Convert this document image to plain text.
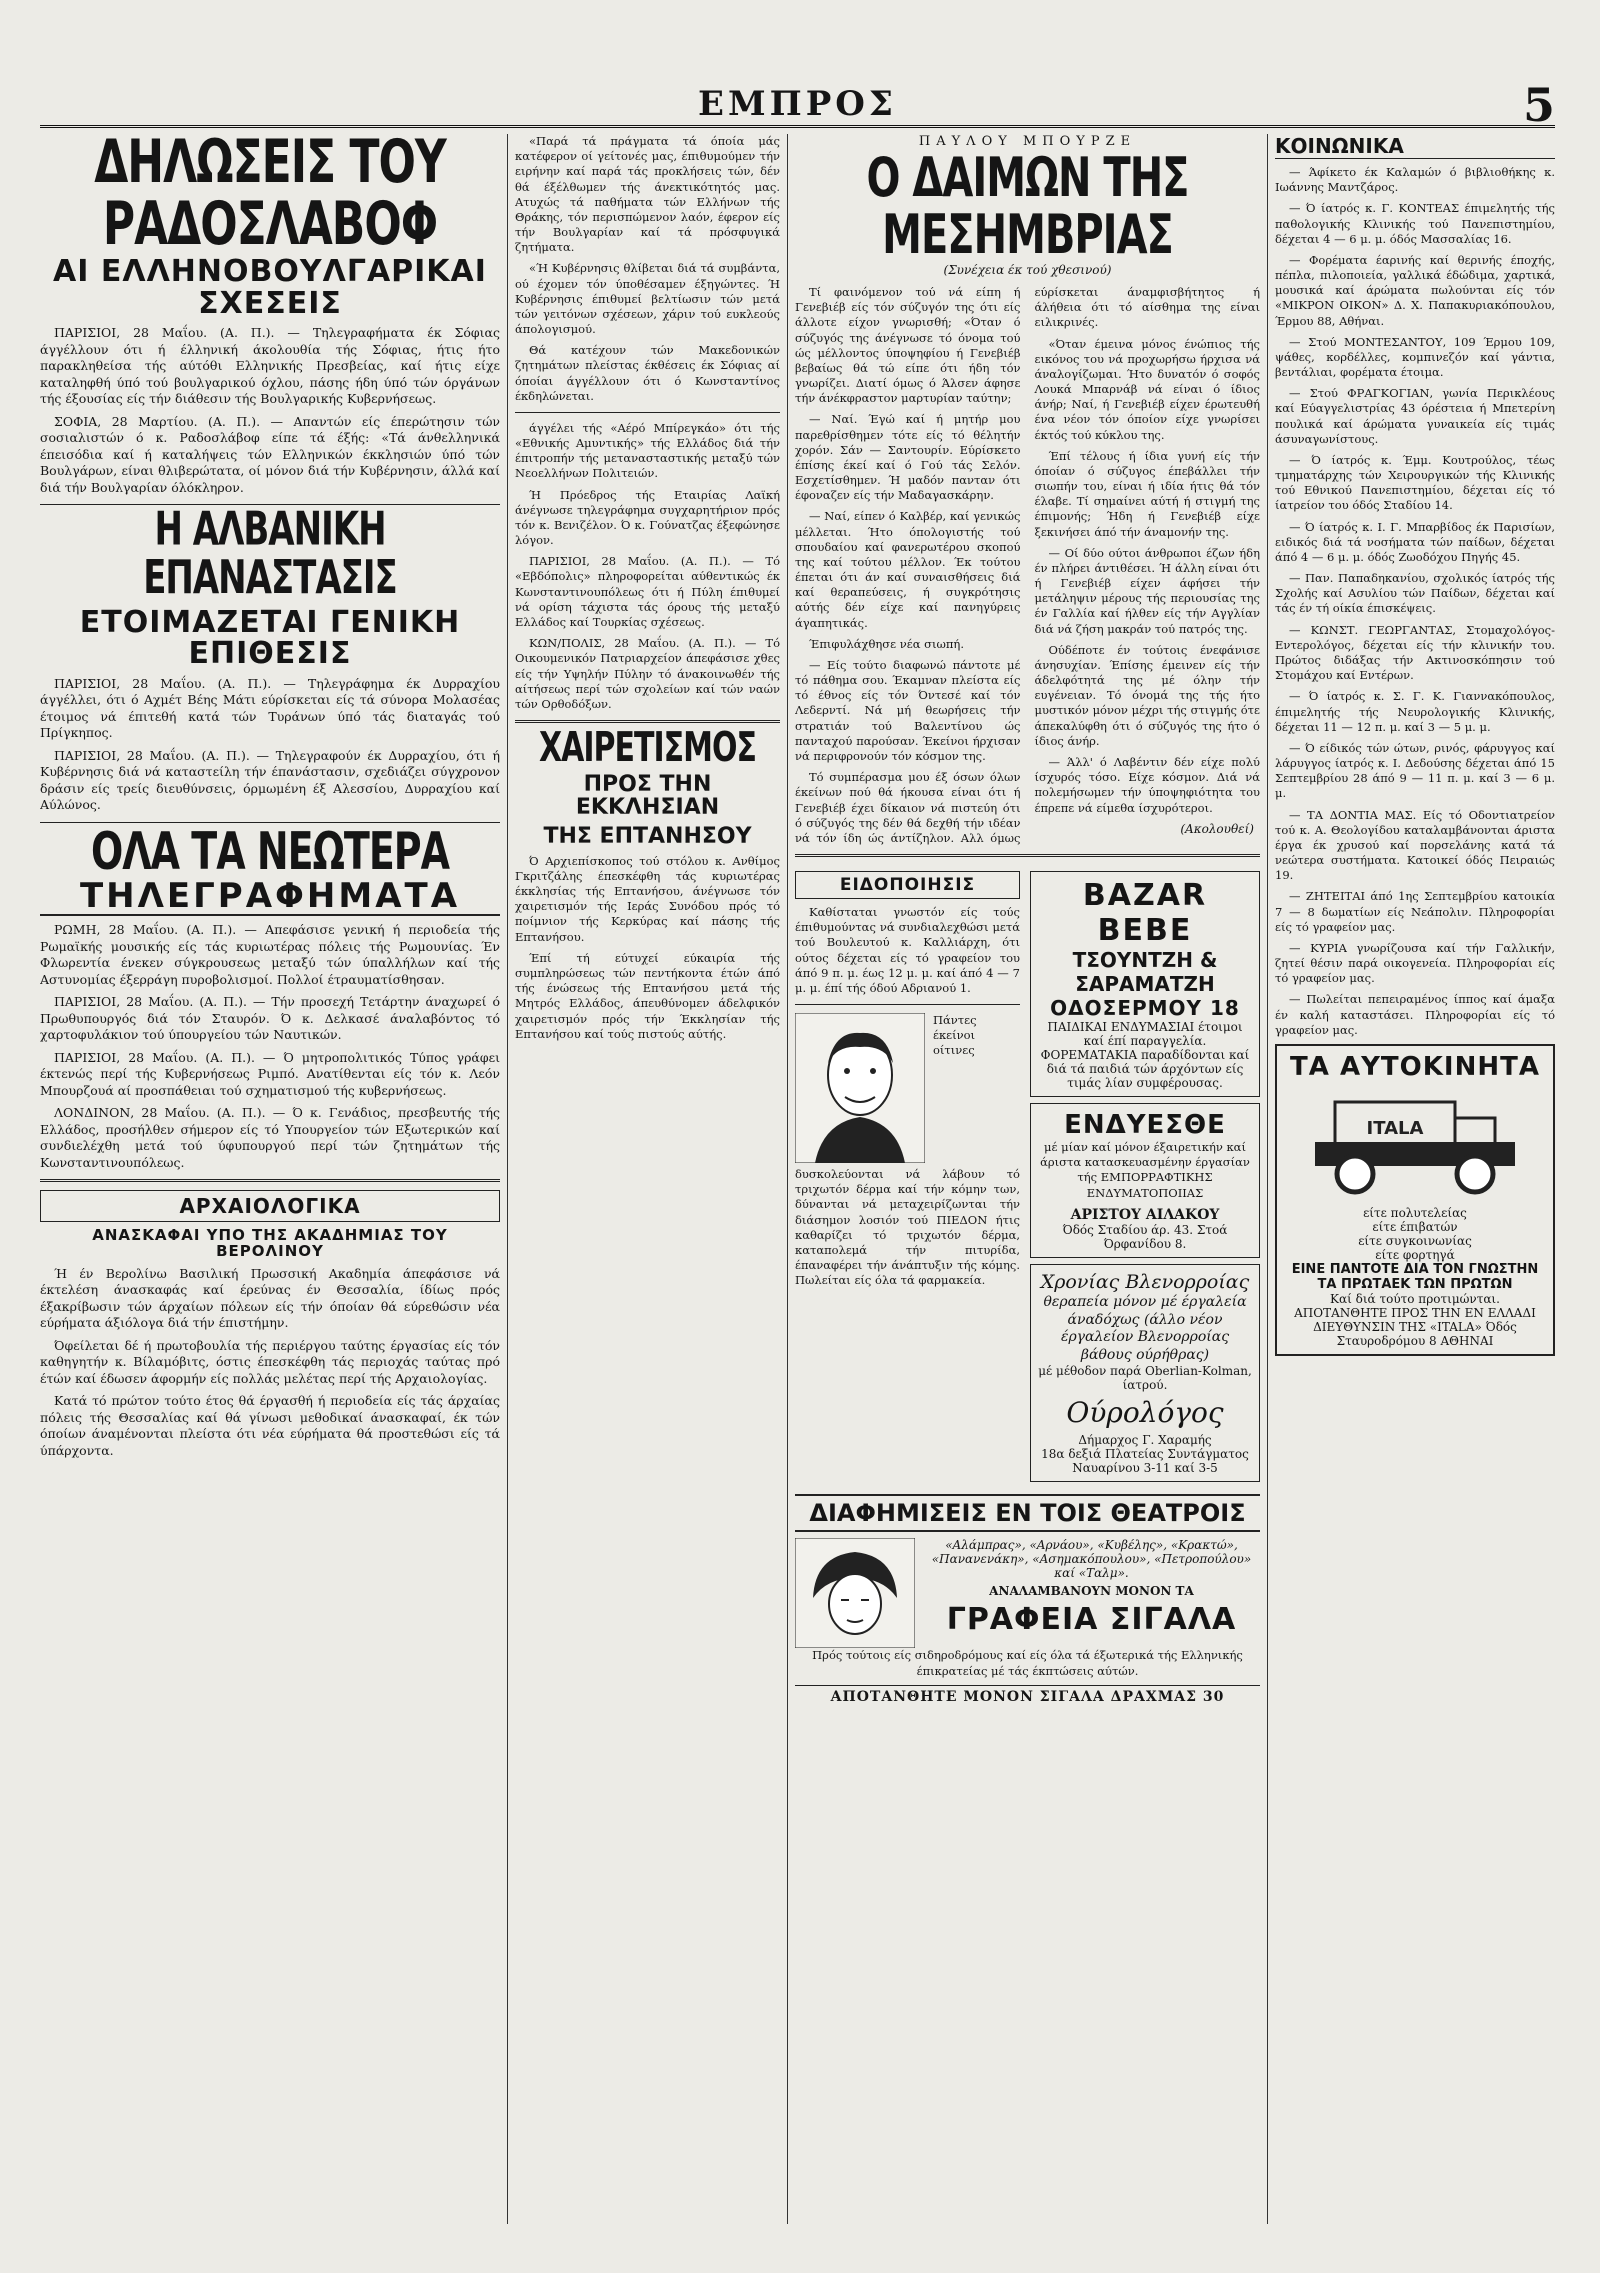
ΕΜΠΡΟΣ	5
ΔΗΛΩΣΕΙΣ ΤΟΥ ΡΑΔΟΣΛΑΒΟΦ
ΑΙ ΕΛΛΗΝΟΒΟΥΛΓΑΡΙΚΑΙ ΣΧΕΣΕΙΣ

ΠΑΡΙΣΙΟΙ, 28 Μαΐου. (Α. Π.). — Τηλεγραφήματα έκ Σόφιας άγγέλλουν ότι ή έλληνική άκολουθία τής Σόφιας, ήτις ήτο παρακληθείσα τής αύτόθι Ελληνικής Πρεσβείας, καί ήτις είχε καταληφθή ύπό τού βουλγαρικού όχλου, πάσης ήδη ύπό τών όργάνων τής έξουσίας είς τήν διάθεσιν τής Βουλγαρικής Κυβερνήσεως.

ΣΟΦΙΑ, 28 Μαρτίου. (Α. Π.). — Απαντών είς έπερώτησιν τών σοσιαλιστών ό κ. Ραδοσλάβοφ είπε τά έξής: «Τά άνθελληνικά έπεισόδια καί ή καταλήψεις τών Ελληνικών έκκλησιών ύπό τών Βουλγάρων, είναι θλιβερώτατα, οί μόνον διά τήν Κυβέρνησιν, άλλά καί διά τήν Βουλγαρίαν όλόκληρον.

Η ΑΛΒΑΝΙΚΗ ΕΠΑΝΑΣΤΑΣΙΣ
ΕΤΟΙΜΑΖΕΤΑΙ ΓΕΝΙΚΗ ΕΠΙΘΕΣΙΣ

ΠΑΡΙΣΙΟΙ, 28 Μαΐου. (Α. Π.). — Τηλεγράφημα έκ Δυρραχίου άγγέλλει, ότι ό Αχμέτ Βέης Μάτι εύρίσκεται είς τά σύνορα Μολασέας έτοιμος νά έπιτεθή κατά τών Τυράνων ύπό τάς διαταγάς τού Πρίγκηπος.

ΠΑΡΙΣΙΟΙ, 28 Μαΐου. (Α. Π.). — Τηλεγραφούν έκ Δυρραχίου, ότι ή Κυβέρνησις διά νά καταστείλη τήν έπανάστασιν, σχεδιάζει σύγχρονον δράσιν είς τρείς διευθύνσεις, όρμωμένη έξ Αλεσσίου, Δυρραχίου καί Αύλώνος.

ΟΛΑ ΤΑ ΝΕΩΤΕΡΑ
ΤΗΛΕΓΡΑΦΗΜΑΤΑ

ΡΩΜΗ, 28 Μαΐου. (Α. Π.). — Απεφάσισε γενική ή περιοδεία τής Ρωμαϊκής μουσικής είς τάς κυριωτέρας πόλεις τής Ρωμουνίας. Έν Φλωρεντία ένεκεν σύγκρουσεως μεταξύ τών ύπαλλήλων καί τής Αστυνομίας έξερράγη πυροβολισμοί. Πολλοί έτραυματίσθησαν.

ΠΑΡΙΣΙΟΙ, 28 Μαΐου. (Α. Π.). — Τήν προσεχή Τετάρτην άναχωρεί ό Πρωθυπουργός διά τόν Σταυρόν. Ό κ. Δελκασέ άναλαβόντος τό χαρτοφυλάκιον τού ύπουργείου τών Ναυτικών.

ΠΑΡΙΣΙΟΙ, 28 Μαΐου. (Α. Π.). — Ό μητροπολιτικός Τύπος γράφει έκτενώς περί τής Κυβερνήσεως Ριμπό. Ανατίθενται είς τόν κ. Λεόν Μπουρζουά αί προσπάθειαι τού σχηματισμού τής κυβερνήσεως.

ΛΟΝΔΙΝΟΝ, 28 Μαΐου. (Α. Π.). — Ό κ. Γενάδιος, πρεσβευτής τής Ελλάδος, προσήλθεν σήμερον είς τό Υπουργείον τών Εξωτερικών καί συνδιελέχθη μετά τού ύφυπουργού περί τών ζητημάτων τής Κωνσταντινουπόλεως.

ΑΡΧΑΙΟΛΟΓΙΚΑ
ΑΝΑΣΚΑΦΑΙ ΥΠΟ ΤΗΣ ΑΚΑΔΗΜΙΑΣ ΤΟΥ ΒΕΡΟΛΙΝΟΥ

Ή έν Βερολίνω Βασιλική Πρωσσική Ακαδημία άπεφάσισε νά έκτελέση άνασκαφάς καί έρεύνας έν Θεσσαλία, ίδίως πρός έξακρίβωσιν τών άρχαίων πόλεων είς τήν όποίαν θά εύρεθώσιν νέα εύρήματα άξιόλογα διά τήν έπιστήμην.

Όφείλεται δέ ή πρωτοβουλία τής περιέργου ταύτης έργασίας είς τόν καθηγητήν κ. Βίλαμόβιτς, όστις έπεσκέφθη τάς περιοχάς ταύτας πρό έτών καί έδωσεν άφορμήν είς πολλάς μελέτας περί τής Αρχαιολογίας.

Κατά τό πρώτον τούτο έτος θά έργασθή ή περιοδεία είς τάς άρχαίας πόλεις τής Θεσσαλίας καί θά γίνωσι μεθοδικαί άνασκαφαί, έκ τών όποίων άναμένονται πλείστα ότι νέα εύρήματα θά προστεθώσι είς τά ύπάρχοντα.

«Παρά τά πράγματα τά όποία μάς κατέφερον οί γείτονές μας, έπιθυμούμεν τήν ειρήνην καί παρά τάς προκλήσεις τών, δέν θά έξέλθωμεν τής άνεκτικότητός μας. Ατυχώς τά παθήματα τών Ελλήνων τής Θράκης, τόν περισπώμενον λαόν, έφερον είς τήν Βουλγαρίαν καί τά πρόσφυγικά ζητήματα.

«Ή Κυβέρνησις θλίβεται διά τά συμβάντα, ού έχομεν τόν ύποθέσαμεν έξηγώντες. Ή Κυβέρνησις έπιθυμεί βελτίωσιν τών μετά τών γειτόνων σχέσεων, χάριν τού ευκλεούς άπολογισμού.

Θά κατέχουν τών Μακεδονικών ζητημάτων πλείστας έκθέσεις έκ Σόφιας αί όποίαι άγγέλλουν ότι ό Κωνσταντίνος έκδηλώνεται.

άγγέλει τής «Αέρό Μπίρεγκάο» ότι τής «Εθνικής Αμυντικής» τής Ελλάδος διά τήν έπιτροπήν τής μετανασταστικής μεταξύ τών Νεοελλήνων Πολιτειών.

Ή Πρόεδρος τής Εταιρίας Λαϊκή άνέγνωσε τηλεγράφημα συγχαρητήριον πρός τόν κ. Βενιζέλον. Ό κ. Γούνατζας έξεφώνησε λόγον.

ΠΑΡΙΣΙΟΙ, 28 Μαΐου. (Α. Π.). — Τό «Εβδόπολις» πληροφορείται αύθεντικώς έκ Κωνσταντινουπόλεως ότι ή Πύλη έπιθυμεί νά ορίση τάχιστα τάς όρους τής μεταξύ Ελλάδος καί Τουρκίας σχέσεως.

ΚΩΝ/ΠΟΛΙΣ, 28 Μαΐου. (Α. Π.). — Τό Οικουμενικόν Πατριαρχείον άπεφάσισε χθες είς τήν Υψηλήν Πύλην τό άνακοινωθέν τής αίτήσεως περί τών σχολείων καί τών ναών τών Ορθοδόξων.

ΧΑΙΡΕΤΙΣΜΟΣ
ΠΡΟΣ ΤΗΝ ΕΚΚΛΗΣΙΑΝ
ΤΗΣ ΕΠΤΑΝΗΣΟΥ

Ό Αρχιεπίσκοπος τού στόλου κ. Ανθίμος Γκριτζάλης έπεσκέφθη τάς κυριωτέρας έκκλησίας τής Επτανήσου, άνέγνωσε τόν χαιρετισμόν τής Ιεράς Συνόδου πρός τό ποίμνιον τής Κερκύρας καί πάσης τής Επτανήσου.

Έπί τή εύτυχεί εύκαιρία τής συμπληρώσεως τών πεντήκοντα έτών άπό τής ένώσεως τής Επτανήσου μετά τής Μητρός Ελλάδος, άπευθύνομεν άδελφικόν χαιρετισμόν πρός τήν Έκκλησίαν τής Επτανήσου καί τούς πιστούς αύτής.

ΠΑΥΛΟΥ ΜΠΟΥΡΖΕ
Ο ΔΑΙΜΩΝ ΤΗΣ ΜΕΣΗΜΒΡΙΑΣ
(Συνέχεια έκ τού χθεσινού)

Τί φαινόμενον τού νά είπη ή Γενεβιέβ είς τόν σύζυγόν της ότι είς άλλοτε είχον γνωρισθή; «Όταν ό σύζυγός της άνέγνωσε τό όνομα τού ώς μέλλοντος ύποψηφίου ή Γενεβιέβ βεβαίως θά τώ είπε ότι ήδη τόν γνωρίζει. Διατί όμως ό Άλσεν άφησε τήν άνέκφραστον μαρτυρίαν ταύτην;

— Ναί. Έγώ καί ή μητήρ μου παρεθρίσθημεν τότε είς τό θέλητήν χορόν. Σάν — Σαντουρίν. Εύρίσκετο έπίσης έκεί καί ό Γού τάς Σελόν. Εσχετίσθημεν. Ή μαδόν πανταν ότι έφοναζεν είς τήν Μαδαγασκάρην.

— Ναί, είπεν ό Καλβέρ, καί γενικώς μέλλεται. Ήτο όπολογιστής τού σπουδαίου καί φανερωτέρου σκοπού της καί τούτου μέλλον. Έκ τούτου έπεται ότι άν καί συναισθήσεις διά καί θεραπεύσεις, ή συγκρότησις αύτής δέν είχε καί πανηγύρεις άγαπητικάς.

Έπιφυλάχθησε νέα σιωπή.

— Είς τούτο διαφωνώ πάντοτε μέ τό πάθημα σου. Έκαμναν πλείστα είς τό έθνος είς τόν Όντεσέ καί τόν Λεδερντί. Νά μή θεωρήσεις τήν στρατιάν τού Βαλεντίνου ώς πανταχού παρούσαν. Έκείνοι ήρχισαν νά περιφρονούν τόν κόσμον της.

Τό συμπέρασμα μου έξ όσων όλων έκείνων πού θά ήκουσα είναι ότι ή Γενεβιέβ έχει δίκαιον νά πιστεύη ότι ό σύζυγός της δέν θά δεχθή τήν ιδέαν νά τόν ίδη ώς άντίζηλον. Αλλ όμως εύρίσκεται άναμφισβήτητος ή άλήθεια ότι τό αίσθημα της είναι ειλικρινές.

«Όταν έμεινα μόνος ένώπιος τής εικόνος του νά προχωρήσω ήρχισα νά άναλογίζωμαι. Ήτο δυνατόν ό σοφός Λουκά Μπαρνάβ νά είναι ό ίδιος άνήρ; Ναί, ή Γενεβιέβ είχεν έρωτευθή ένα νέον τόν όποίον είχε γνωρίσει έκτός τού κύκλου της.

Έπί τέλους ή ίδια γυνή είς τήν όποίαν ό σύζυγος έπεβάλλει τήν σιωπήν του, είναι ή ιδία ήτις θά τόν έλαβε. Τί σημαίνει αύτή ή στιγμή της έπιμονής; Ήδη ή Γενεβιέβ είχε ξεκινήσει άπό τήν άναμονήν της.

— Οί δύο ούτοι άνθρωποι έζων ήδη έν πλήρει άντιθέσει. Ή άλλη είναι ότι ή Γενεβιέβ είχεν άφήσει τήν μετάληψιν μέρους τής περιουσίας της έν Γαλλία καί ήλθεν είς τήν Αγγλίαν διά νά ζήση μακράν τού πατρός της.

Ούδέποτε έν τούτοις ένεφάνισε άνησυχίαν. Έπίσης έμεινεν είς τήν άδελφότητά της μέ όλην τήν ευγένειαν. Τό όνομά της τής ήτο μυστικόν μόνον μέχρι τής στιγμής ότε άπεκαλύφθη ότι ό σύζυγός της ήτο ό ίδιος άνήρ.

— Άλλ' ό Λαβέντιν δέν είχε πολύ ίσχυρός τόσο. Είχε κόσμον. Διά νά πολεμήσωμεν τήν ύποψηφιότητα του έπρεπε νά είμεθα ίσχυρότεροι.

(Ακολουθεί)
ΕΙΔΟΠΟΙΗΣΙΣ

Καθίσταται γνωστόν είς τούς έπιθυμούντας νά συνδιαλεχθώσι μετά τού Βουλευτού κ. Καλλιάρχη, ότι ούτος δέχεται είς τό γραφείον του άπό 9 π. μ. έως 12 μ. μ. καί άπό 4 — 7 μ. μ. έπί τής όδού Αδριανού 1.

Πάντες έκείνοι οίτινες δυσκολεύονται νά λάβουν τό τριχωτόν δέρμα καί τήν κόμην των, δύνανται νά μεταχειρίζωνται τήν διάσημον λοσιόν τού ΠΙΕΔΟΝ ήτις καθαρίζει τό τριχωτόν δέρμα, καταπολεμά τήν πιτυρίδα, έπαναφέρει τήν άνάπτυξιν τής κόμης. Πωλείται είς όλα τά φαρμακεία.

BAZAR BEBE
ΤΣΟΥΝΤΖΗ & ΣΑΡΑΜΑΤΖΗ
ΟΔΟΣΕΡΜΟΥ 18
ΠΑΙΔΙΚΑΙ ΕΝΔΥΜΑΣΙΑΙ έτοιμοι καί έπί παραγγελία. ΦΟΡΕΜΑΤΑΚΙΑ παραδίδονται καί διά τά παιδιά τών άρχόντων είς τιμάς λίαν συμφέρουσας.
ΕΝΔΥΕΣΘΕ
μέ μίαν καί μόνον έξαιρετικήν καί άριστα κατασκευασμένην έργασίαν τής ΕΜΠΟΡΡΑΦΤΙΚΗΣ ΕΝΔΥΜΑΤΟΠΟΙΙΑΣ
ΑΡΙΣΤΟΥ ΑΙΛΑΚΟΥ
Όδός Σταδίου άρ. 43. Στοά Όρφανίδου 8.
Χρονίας Βλενορροίας
θεραπεία μόνον μέ έργαλεία άναδόχως (άλλο νέον έργαλείον Βλενορροίας βάθους ούρήθρας)
μέ μέθοδον παρά Oberlian-Kolman, ίατρού.
Ούρολόγος
Δήμαρχος Γ. Χαραμής
18α δεξιά Πλατείας Συντάγματος Ναυαρίνου 3-11 καί 3-5
ΔΙΑΦΗΜΙΣΕΙΣ ΕΝ ΤΟΙΣ ΘΕΑΤΡΟΙΣ
«Αλάμπρας», «Αρνάου», «Κυβέλης», «Κρακτώ», «Πανανενάκη», «Ασημακόπουλου», «Πετροπούλου» καί «Ταλμ».
ΑΝΑΛΑΜΒΑΝΟΥΝ ΜΟΝΟΝ ΤΑ
ΓΡΑΦΕΙΑ ΣΙΓΑΛΑ

Πρός τούτοις είς σιδηροδρόμους καί είς όλα τά έξωτερικά τής Ελληνικής έπικρατείας μέ τάς έκπτώσεις αύτών.

ΑΠΟΤΑΝΘΗΤΕ ΜΟΝΟΝ ΣΙΓΑΛΑ ΔΡΑΧΜΑΣ 30
ΚΟΙΝΩΝΙΚΑ

— Άφίκετο έκ Καλαμών ό βιβλιοθήκης κ. Ιωάννης Μαντζάρος.

— Ό ίατρός κ. Γ. ΚΟΝΤΕΑΣ έπιμελητής τής παθολογικής Κλινικής τού Πανεπιστημίου, δέχεται 4 — 6 μ. μ. όδός Μασσαλίας 16.

— Φορέματα έαρινής καί θερινής έποχής, πέπλα, πιλοποιεία, γαλλικά έδώδιμα, χαρτικά, μουσικά καί άρώματα πωλούνται είς τόν «ΜΙΚΡΟΝ ΟΙΚΟΝ» Δ. Χ. Παπακυριακόπουλου, Έρμου 88, Αθήναι.

— Στού ΜΟΝΤΕΣΑΝΤΟΥ, 109 Έρμου 109, ψάθες, κορδέλλες, κομπινεζόν καί γάντια, βεντάλιαι, φορέματα έτοιμα.

— Στού ΦΡΑΓΚΟΓΙΑΝ, γωνία Περικλέους καί Εύαγγελιστρίας 43 όρέστεια ή Μπετερίνη πουλικά καί άρώματα γυναικεία είς τιμάς άσυναγωνίστους.

— Ό ίατρός κ. Έμμ. Κουτρούλος, τέως τμηματάρχης τών Χειρουργικών τής Κλινικής τού Εθνικού Πανεπιστημίου, δέχεται είς τό ίατρείον του όδός Σταδίου 14.

— Ό ίατρός κ. Ι. Γ. Μπαρβίδος έκ Παρισίων, ειδικός διά τά νοσήματα τών παίδων, δέχεται άπό 4 — 6 μ. μ. όδός Ζωοδόχου Πηγής 45.

— Παν. Παπαδηκανίου, σχολικός ίατρός τής Σχολής καί Ασυλίου τών Παίδων, δέχεται καί τάς έν τή οίκία έπισκέψεις.

— ΚΩΝΣΤ. ΓΕΩΡΓΑΝΤΑΣ, Στομαχολόγος-Εντερολόγος, δέχεται είς τήν κλινικήν του. Πρώτος διδάξας τήν Ακτινοσκόπησιν τού Στομάχου καί Εντέρων.

— Ό ίατρός κ. Σ. Γ. Κ. Γιαννακόπουλος, έπιμελητής τής Νευρολογικής Κλινικής, δέχεται 11 — 12 π. μ. καί 3 — 5 μ. μ.

— Ό είδικός τών ώτων, ρινός, φάρυγγος καί λάρυγγος ίατρός κ. Ι. Δεδούσης δέχεται άπό 15 Σεπτεμβρίου 28 άπό 9 — 11 π. μ. καί 3 — 6 μ. μ.

— ΤΑ ΔΟΝΤΙΑ ΜΑΣ. Είς τό Οδοντιατρείον τού κ. Α. Θεολογίδου καταλαμβάνονται άριστα έργα έκ χρυσού καί πορσελάνης κατά τά νεώτερα συστήματα. Κατοικεί όδός Πειραιώς 19.

— ΖΗΤΕΙΤΑΙ άπό 1ης Σεπτεμβρίου κατοικία 7 — 8 δωματίων είς Νεάπολιν. Πληροφορίαι είς τό γραφείον μας.

— ΚΥΡΙΑ γνωρίζουσα καί τήν Γαλλικήν, ζητεί θέσιν παρά οικογενεία. Πληροφορίαι είς τό γραφείον μας.

— Πωλείται πεπειραμένος ίππος καί άμαξα έν καλή καταστάσει. Πληροφορίαι είς τό γραφείον μας.

ΤΑ ΑΥΤΟΚΙΝΗΤΑ
ITALA
είτε πολυτελείας
είτε έπιβατών
είτε συγκοινωνίας
είτε φορτηγά
ΕΙΝΕ ΠΑΝΤΟΤΕ ΔΙΑ ΤΟΝ ΓΝΩΣΤΗΝ ΤΑ ΠΡΩΤΑΕΚ ΤΩΝ ΠΡΩΤΩΝ
Καί διά τούτο προτιμώνται. ΑΠΟΤΑΝΘΗΤΕ ΠΡΟΣ ΤΗΝ ΕΝ ΕΛΛΑΔΙ ΔΙΕΥΘΥΝΣΙΝ ΤΗΣ «ITALA» Όδός Σταυροδρόμου 8 ΑΘΗΝΑΙ
